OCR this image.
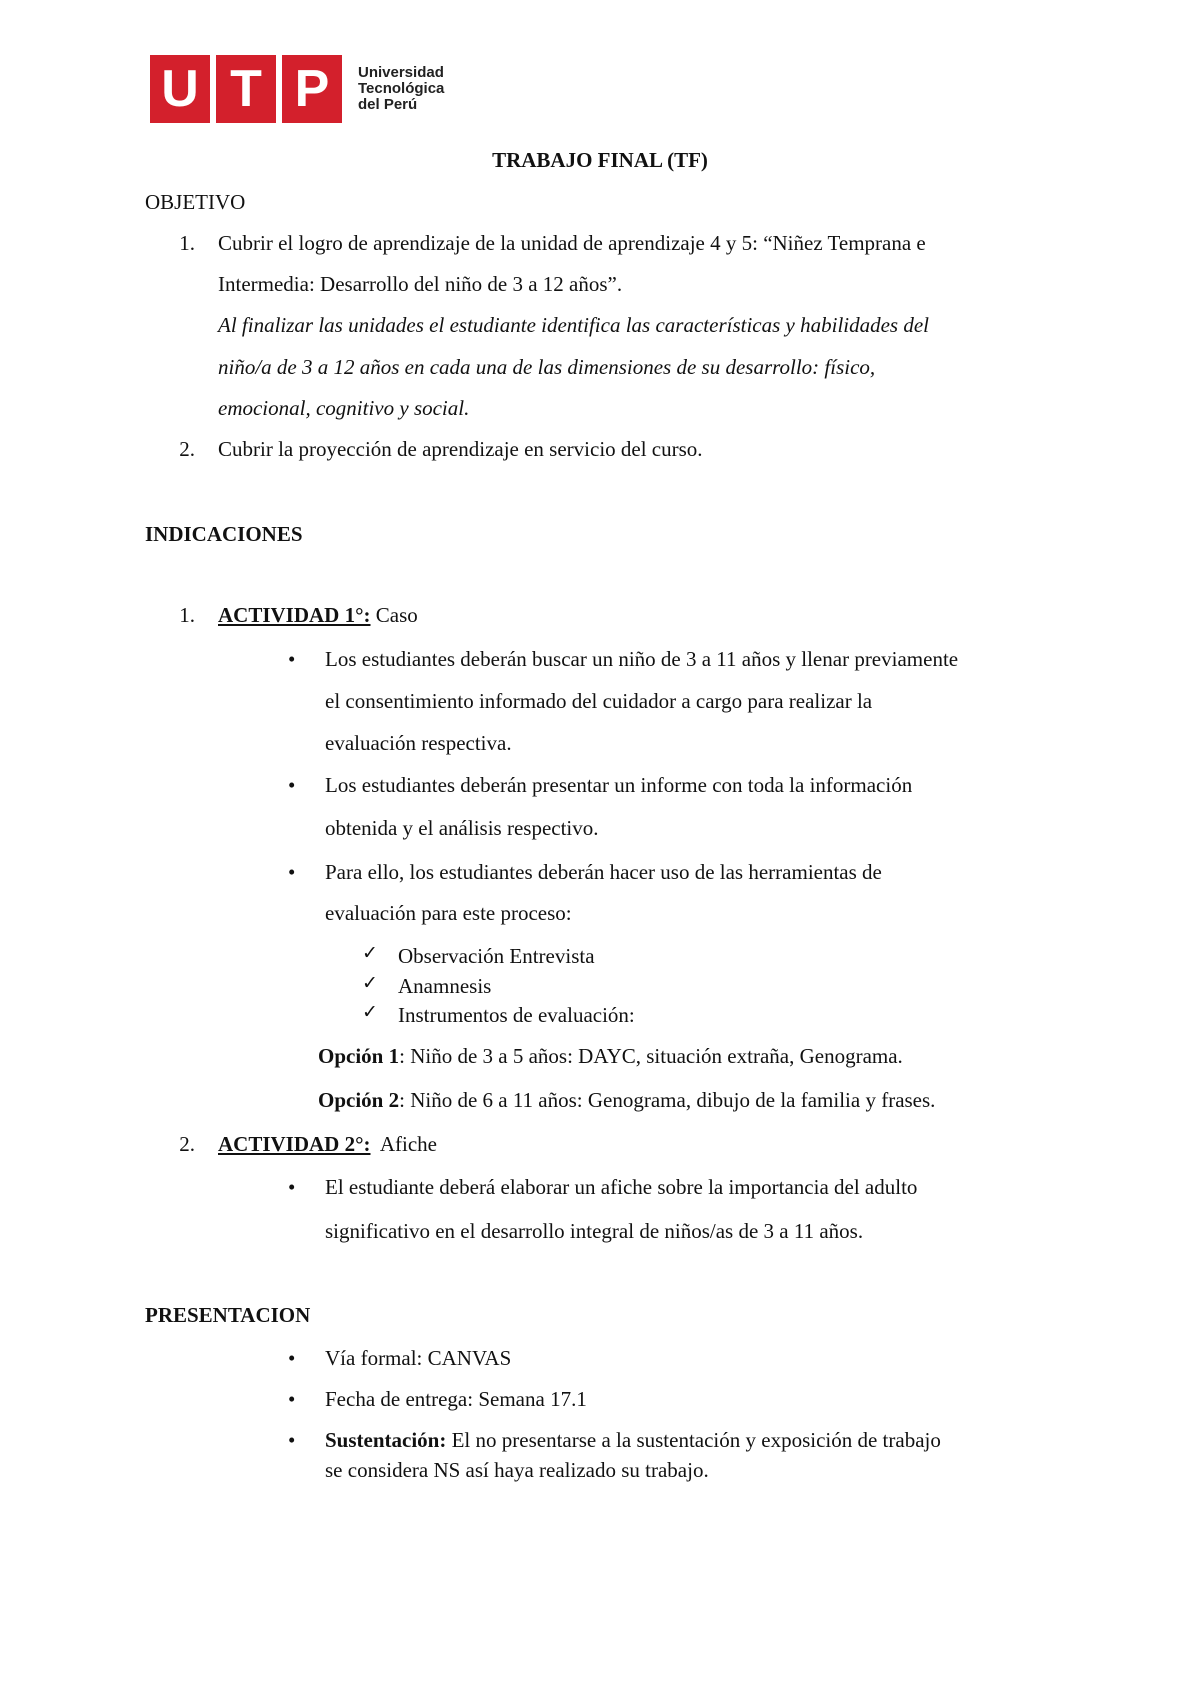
U T P	Universidad
Tecnológica
del Perú
TRABAJO FINAL (TF)
OBJETIVO
1. Cubrir el logro de aprendizaje de la unidad de aprendizaje 4 y 5: “Niñez Temprana e
Intermedia: Desarrollo del niño de 3 a 12 años”.
Al finalizar las unidades el estudiante identifica las características y habilidades del
niño/a de 3 a 12 años en cada una de las dimensiones de su desarrollo: físico,
emocional, cognitivo y social.
2. Cubrir la proyección de aprendizaje en servicio del curso.
INDICACIONES
1. ACTIVIDAD 1°: Caso
• Los estudiantes deberán buscar un niño de 3 a 11 años y llenar previamente
el consentimiento informado del cuidador a cargo para realizar la
evaluación respectiva.
• Los estudiantes deberán presentar un informe con toda la información
obtenida y el análisis respectivo.
• Para ello, los estudiantes deberán hacer uso de las herramientas de
evaluación para este proceso:
✓ Observación Entrevista
✓ Anamnesis
✓ Instrumentos de evaluación:
Opción 1: Niño de 3 a 5 años: DAYC, situación extraña, Genograma.
Opción 2: Niño de 6 a 11 años: Genograma, dibujo de la familia y frases.
2. ACTIVIDAD 2°:  Afiche
• El estudiante deberá elaborar un afiche sobre la importancia del adulto
significativo en el desarrollo integral de niños/as de 3 a 11 años.
PRESENTACION
• Vía formal: CANVAS
• Fecha de entrega: Semana 17.1
• Sustentación: El no presentarse a la sustentación y exposición de trabajo
se considera NS así haya realizado su trabajo.
